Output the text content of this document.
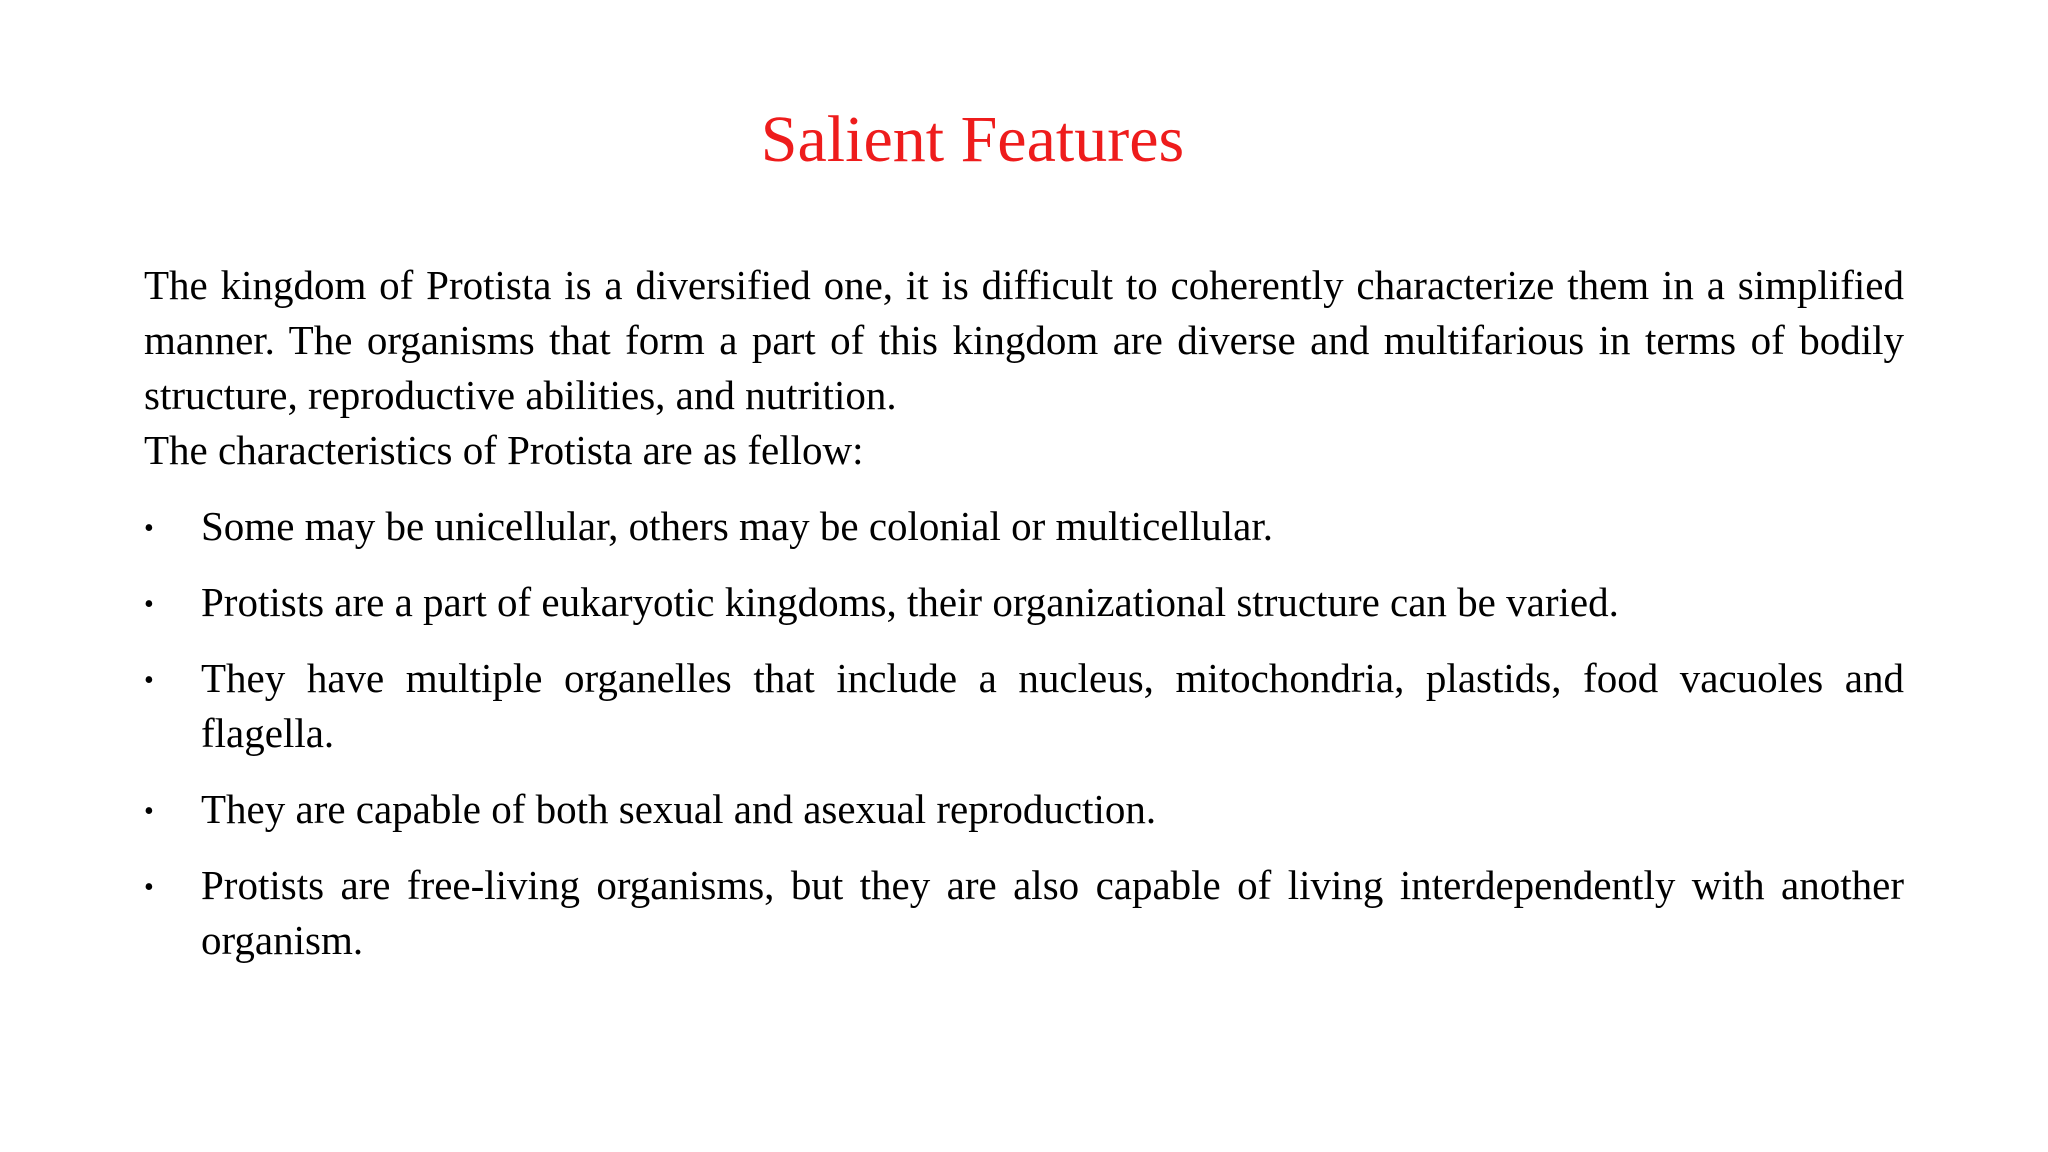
Salient Features

The kingdom of Protista is a diversified one, it is difficult to coherently characterize them in a simplified manner. The organisms that form a part of this kingdom are diverse and multifarious in terms of bodily structure, reproductive abilities, and nutrition.

The characteristics of Protista are as fellow:

• Some may be unicellular, others may be colonial or multicellular.
• Protists are a part of eukaryotic kingdoms, their organizational structure can be varied.
• They have multiple organelles that include a nucleus, mitochondria, plastids, food vacuoles and flagella.
• They are capable of both sexual and asexual reproduction.
• Protists are free-living organisms, but they are also capable of living interdependently with another organism.
